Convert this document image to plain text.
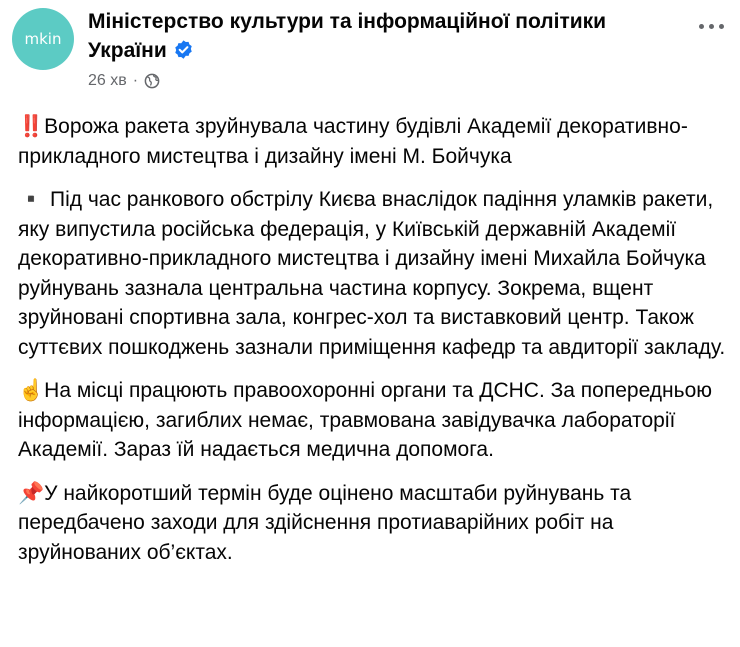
mkin
Міністерство культури та інформаційної політики України
26 хв ·

‼️Ворожа ракета зруйнувала частину будівлі Академії декоративно-прикладного мистецтва і дизайну імені М. Бойчука

▪️ Під час ранкового обстрілу Києва внаслідок падіння уламків ракети, яку випустила російська федерація, у Київській державній Академії декоративно-прикладного мистецтва і дизайну імені Михайла Бойчука руйнувань зазнала центральна частина корпусу. Зокрема, вщент зруйновані спортивна зала, конгрес-хол та виставковий центр. Також суттєвих пошкоджень зазнали приміщення кафедр та авдиторії закладу.

☝️На місці працюють правоохоронні органи та ДСНС. За попередньою інформацією, загиблих немає, травмована завідувачка лабораторії Академії. Зараз їй надається медична допомога.

📌У найкоротший термін буде оцінено масштаби руйнувань та передбачено заходи для здійснення протиаварійних робіт на зруйнованих об’єктах.
